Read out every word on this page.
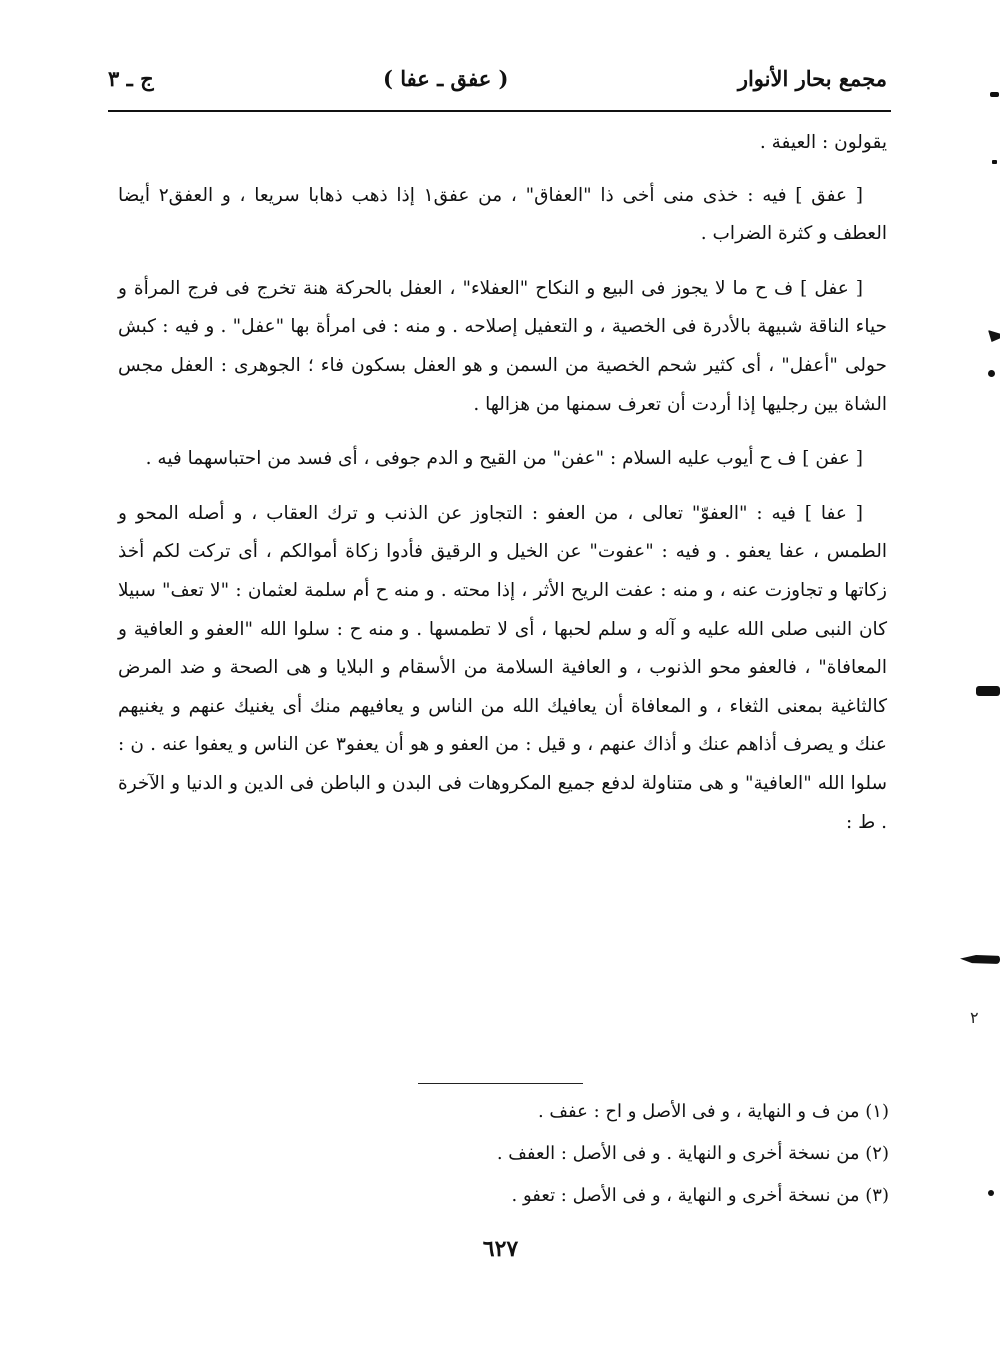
مجمع بحار الأنوار
( عفق ـ عفا )
ج ـ ٣

يقولون : العيفة .

[ عفق ] فيه : خذى منى أخى ذا "العفاق" ، من عفق١ إذا ذهب ذهابا سريعا ، و العفق٢ أيضا العطف و كثرة الضراب .

[ عفل ] ف ح ما لا يجوز فى البيع و النكاح "العفلاء" ، العفل بالحركة هنة تخرج فى فرج المرأة و حياء الناقة شبيهة بالأدرة فى الخصية ، و التعفيل إصلاحه . و منه : فى امرأة بها "عفل" . و فيه : كبش حولى "أعفل" ، أى كثير شحم الخصية من السمن و هو العفل بسكون فاء ؛ الجوهرى : العفل مجس الشاة بين رجليها إذا أردت أن تعرف سمنها من هزالها .

[ عفن ] ف ح أيوب عليه السلام : "عفن" من القيح و الدم جوفى ، أى فسد من احتباسهما فيه .

[ عفا ] فيه : "العفوّ" تعالى ، من العفو : التجاوز عن الذنب و ترك العقاب ، و أصله المحو و الطمس ، عفا يعفو . و فيه : "عفوت" عن الخيل و الرقيق فأدوا زكاة أموالكم ، أى تركت لكم أخذ زكاتها و تجاوزت عنه ، و منه : عفت الريح الأثر ، إذا محته . و منه ح أم سلمة لعثمان : "لا تعف" سبيلا كان النبى صلى الله عليه و آله و سلم لحبها ، أى لا تطمسها . و منه ح : سلوا الله "العفو و العافية و المعافاة" ، فالعفو محو الذنوب ، و العافية السلامة من الأسقام و البلايا و هى الصحة و ضد المرض كالثاغية بمعنى الثغاء ، و المعافاة أن يعافيك الله من الناس و يعافيهم منك أى يغنيك عنهم و يغنيهم عنك و يصرف أذاهم عنك و أذاك عنهم ، و قيل : من العفو و هو أن يعفو٣ عن الناس و يعفوا عنه . ن : سلوا الله "العافية" و هى متناولة لدفع جميع المكروهات فى البدن و الباطن فى الدين و الدنيا و الآخرة . ط :

(١) من ف و النهاية ، و فى الأصل و اح : عفف .
(٢) من نسخة أخرى و النهاية . و فى الأصل : العفف .
(٣) من نسخة أخرى و النهاية ، و فى الأصل : تعفو .
٦٢٧
٢
